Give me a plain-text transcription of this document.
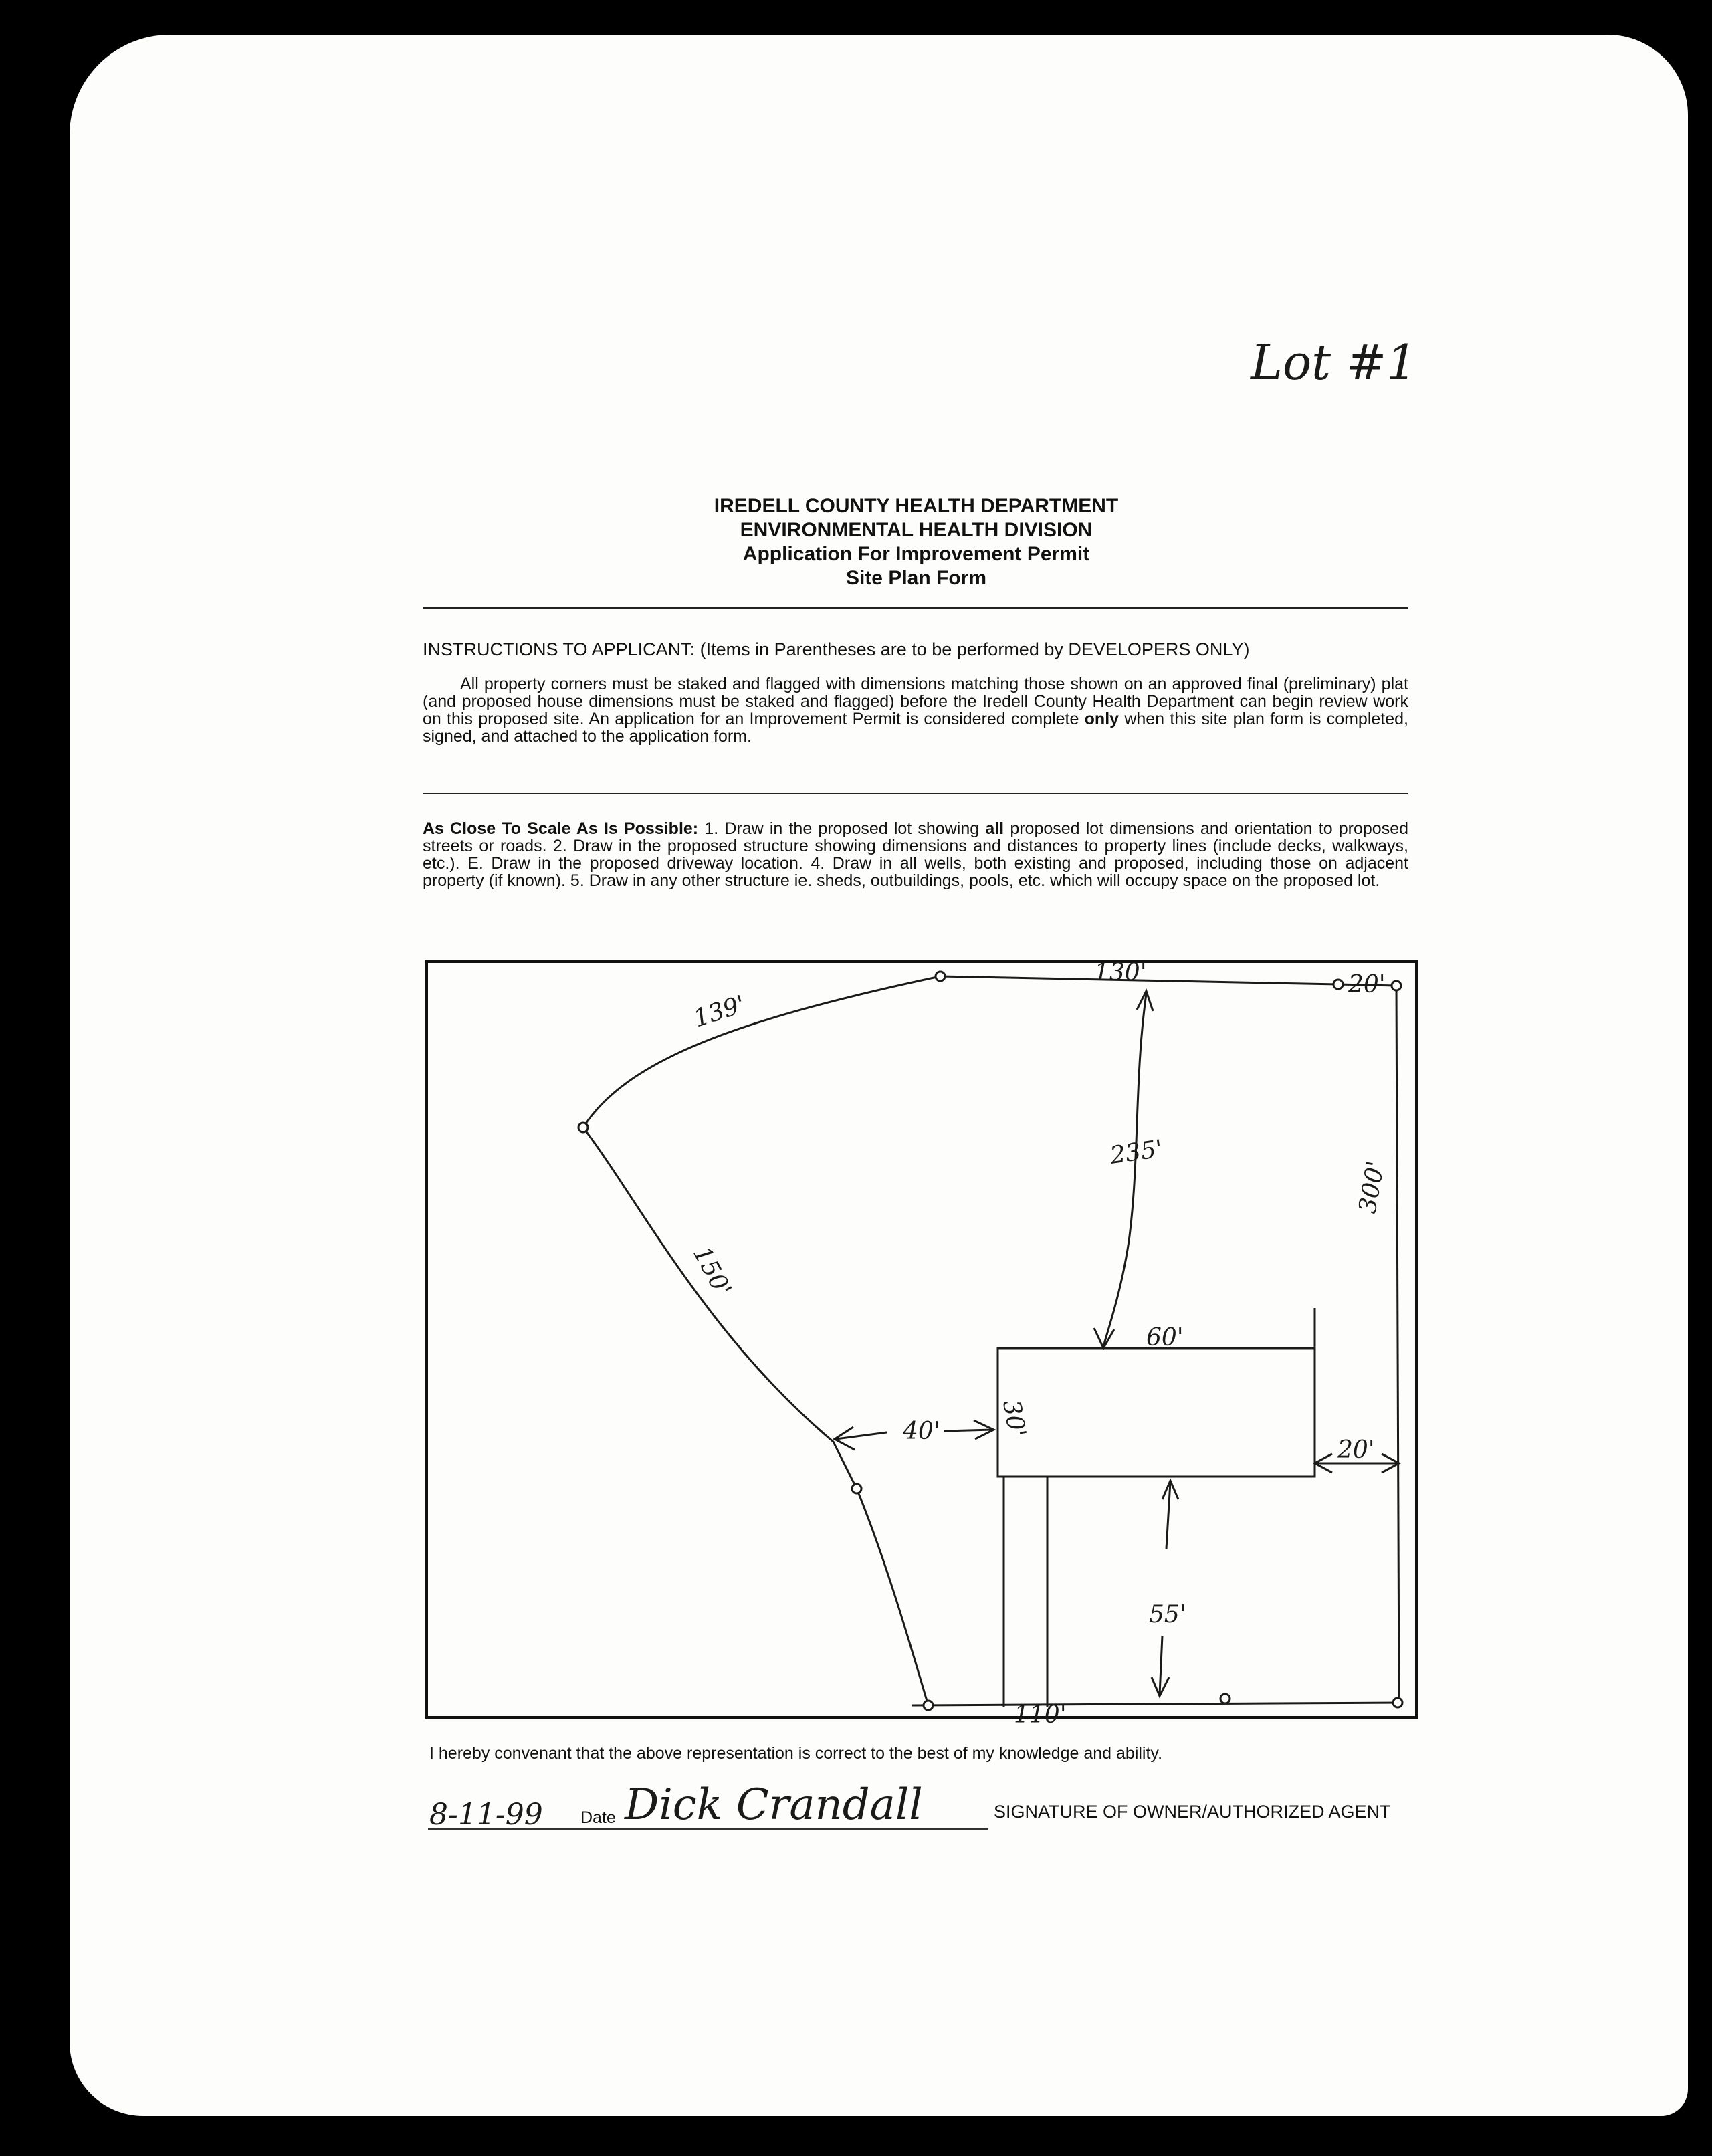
Lot #1
IREDELL COUNTY HEALTH DEPARTMENT
ENVIRONMENTAL HEALTH DIVISION
Application For Improvement Permit
Site Plan Form
INSTRUCTIONS TO APPLICANT: (Items in Parentheses are to be performed by DEVELOPERS ONLY)
All property corners must be staked and flagged with dimensions matching those shown on an approved final (preliminary) plat (and proposed house dimensions must be staked and flagged) before the Iredell County Health Department can begin review work on this proposed site. An application for an Improvement Permit is considered complete only when this site plan form is completed, signed, and attached to the application form.
As Close To Scale As Is Possible: 1. Draw in the proposed lot showing all proposed lot dimensions and orientation to proposed streets or roads. 2. Draw in the proposed structure showing dimensions and distances to property lines (include decks, walkways, etc.). E. Draw in the proposed driveway location. 4. Draw in all wells, both existing and proposed, including those on adjacent property (if known). 5. Draw in any other structure ie. sheds, outbuildings, pools, etc. which will occupy space on the proposed lot.
139'
130'	20'
300'
150'
235'
60'
30'
40'
20'
55'
110'
I hereby convenant that the above representation is correct to the best of my knowledge and ability.
8-11-99 Date Dick Crandall	SIGNATURE OF OWNER/AUTHORIZED AGENT
